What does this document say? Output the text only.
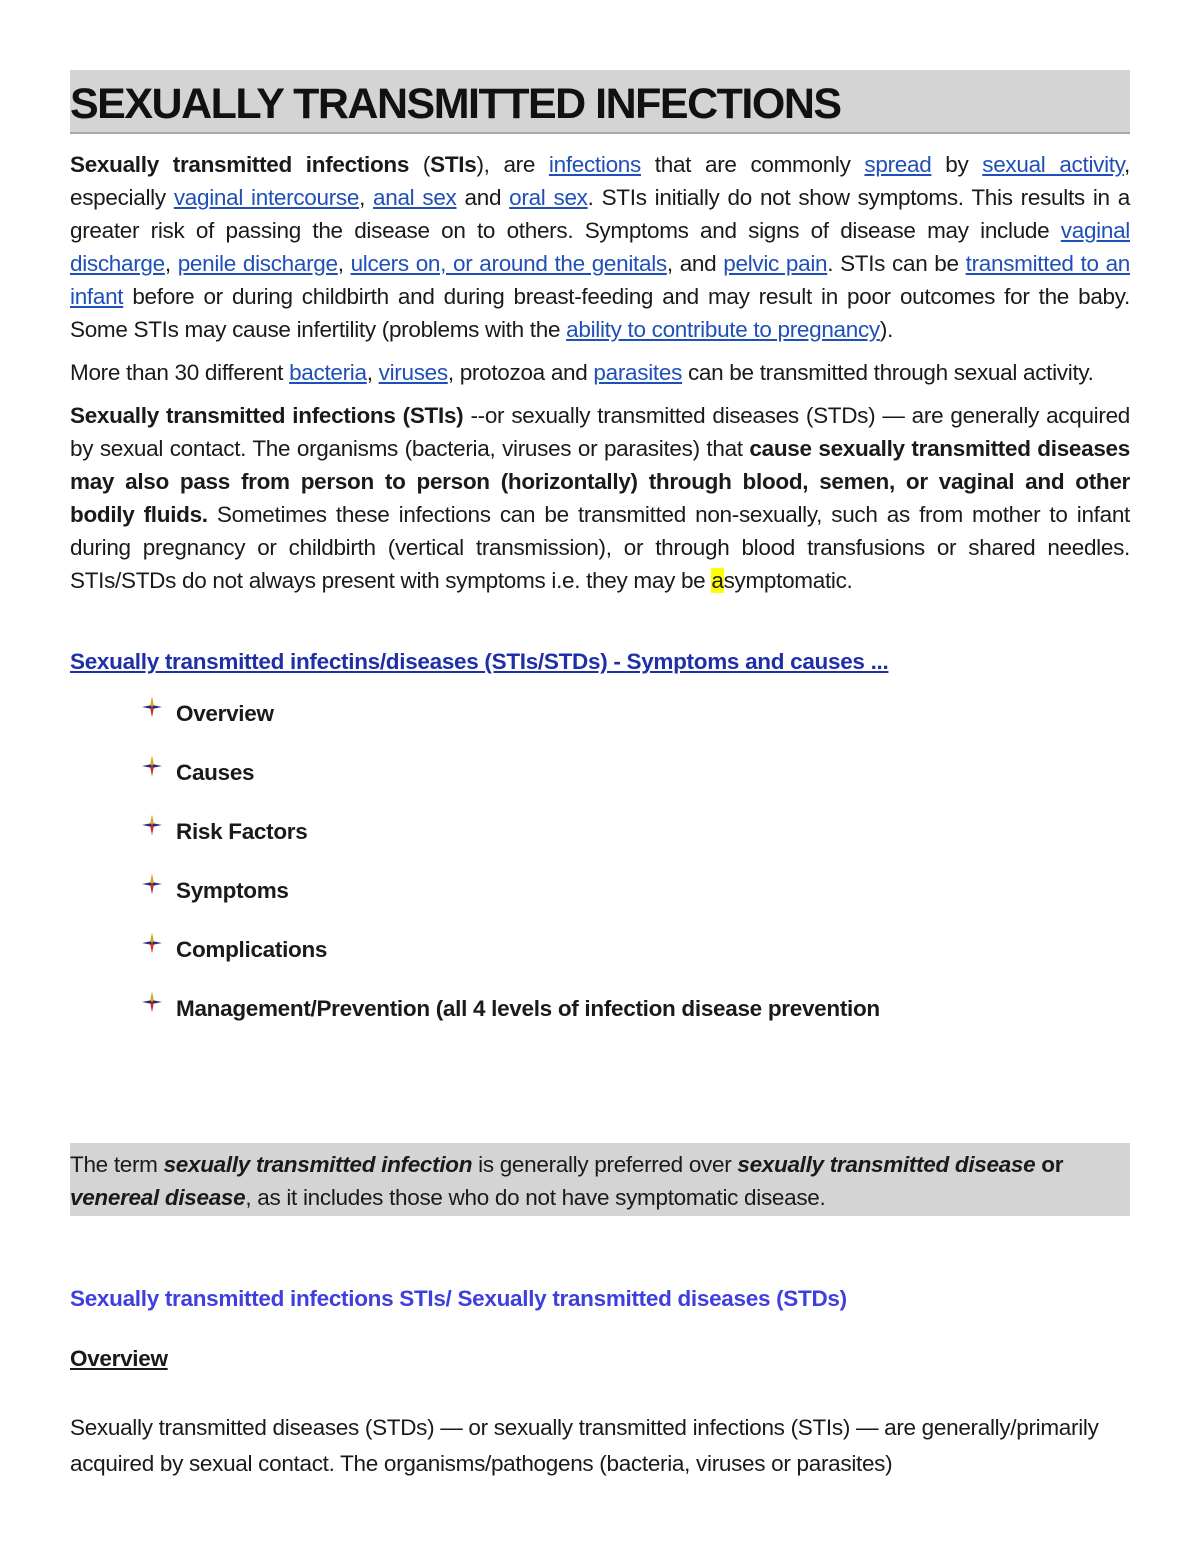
SEXUALLY TRANSMITTED INFECTIONS

Sexually transmitted infections (STIs), are infections that are commonly spread by sexual activity, especially vaginal intercourse, anal sex and oral sex. STIs initially do not show symptoms. This results in a greater risk of passing the disease on to others. Symptoms and signs of disease may include vaginal discharge, penile discharge, ulcers on, or around the genitals, and pelvic pain. STIs can be transmitted to an infant before or during childbirth and during breast-feeding and may result in poor outcomes for the baby. Some STIs may cause infertility (problems with the ability to contribute to pregnancy).

More than 30 different bacteria, viruses, protozoa and parasites can be transmitted through sexual activity.

Sexually transmitted infections (STIs) --or sexually transmitted diseases (STDs) — are generally acquired by sexual contact. The organisms (bacteria, viruses or parasites) that cause sexually transmitted diseases may also pass from person to person (horizontally) through blood, semen, or vaginal and other bodily fluids. Sometimes these infections can be transmitted non-sexually, such as from mother to infant during pregnancy or childbirth (vertical transmission), or through blood transfusions or shared needles. STIs/STDs do not always present with symptoms i.e. they may be asymptomatic.

Sexually transmitted infectins/diseases (STIs/STDs) - Symptoms and causes ...
Overview
Causes
Risk Factors
Symptoms
Complications
Management/Prevention (all 4 levels of infection disease prevention

The term sexually transmitted infection is generally preferred over sexually transmitted disease or venereal disease, as it includes those who do not have symptomatic disease.

Sexually transmitted infections STIs/ Sexually transmitted diseases (STDs)
Overview

Sexually transmitted diseases (STDs) — or sexually transmitted infections (STIs) — are generally/primarily acquired by sexual contact. The organisms/pathogens (bacteria, viruses or parasites)
